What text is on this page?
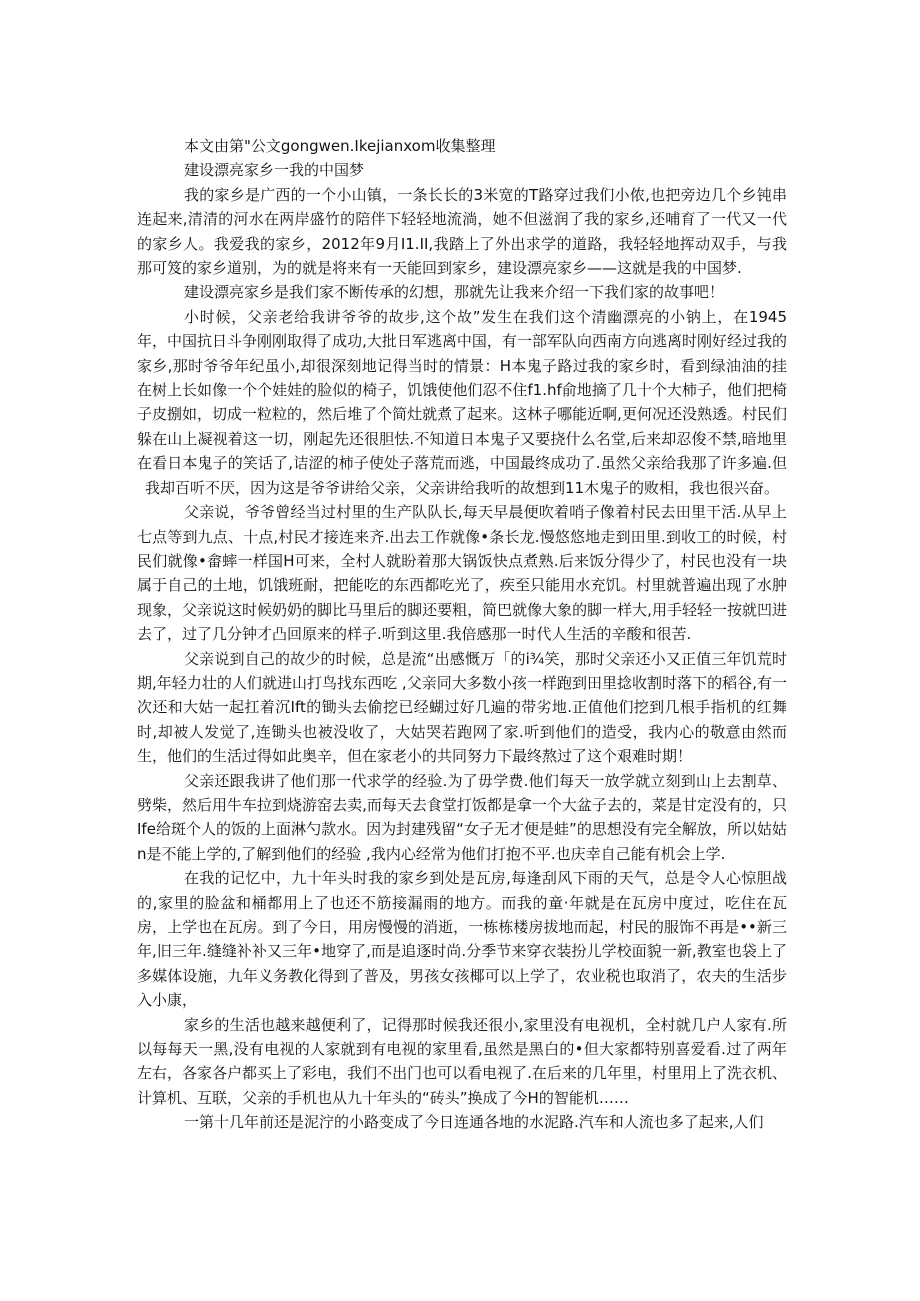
本文由第"公文gongwen.Ikejianxom收集整理

建设漂亮家乡一我的中国梦

我的家乡是广西的一个小山镇，一条长长的3米宽的T路穿过我们小侬,也把旁边几个乡钝串连起来,清清的河水在两岸盛竹的陪伴下轻轻地流淌，她不但滋润了我的家乡,还哺育了一代又一代的家乡人。我爱我的家乡，2012年9月I1.II,我踏上了外出求学的道路，我轻轻地挥动双手，与我那可笈的家乡道别，为的就是将来有一天能回到家乡，建设漂亮家乡——这就是我的中国梦.

建设漂亮家乡是我们家不断传承的幻想，那就先让我来介绍一下我们家的故事吧！

小时候，父亲老给我讲爷爷的故步,这个故”发生在我们这个清幽漂亮的小钠上，在1945年，中国抗日斗争刚刚取得了成功,大批日军逃离中国，有一部军队向西南方向逃离时刚好经过我的家乡,那时爷爷年纪虽小,却很深刻地记得当时的情景：H本鬼子路过我的家乡时，看到绿油油的挂在树上长如像一个个娃娃的脸似的椅子，饥饿使他们忍不住f1.hf俞地摘了几十个大柿子，他们把椅子皮捌如，切成一粒粒的，然后堆了个简灶就煮了起来。这林子哪能近啊,更何况还没熟透。村民们躲在山上凝视着这一切，刚起先还很胆怯.不知道日本鬼子又要挠什么名堂,后来却忍俊不禁,暗地里在看日本鬼子的笑话了,诘涩的柿子使处子落荒而逃，中国最终成功了.虽然父亲给我那了许多遍.但我却百听不厌，因为这是爷爷讲给父亲，父亲讲给我听的故想到11木鬼子的败相，我也很兴奋。

父亲说，爷爷曾经当过村里的生产队队长,每天早晨便吹着哨子像着村民去田里干活.从早上七点等到九点、十点,村民才接连来齐.出去工作就像•条长龙.慢悠悠地走到田里.到收工的时候，村民们就像•畲蟀一样国H可来，全村人就盼着那大锅饭快点煮熟.后来饭分得少了，村民也没有一块属于自己的土地，饥饿班耐，把能吃的东西都吃光了，疾至只能用水充饥。村里就普遍出现了水肿现象，父亲说这时候奶奶的脚比马里后的脚还要粗，简巴就像大象的脚一样大,用手轻轻一按就凹进去了，过了几分钟才凸回原来的样子.听到这里.我倍感那一时代人生活的辛酸和很苦.

父亲说到自己的故少的时候，总是流“出感慨万「的i¾笑，那时父亲还小又正值三年饥荒时期,年轻力壮的人们就进山打鸟找东西吃 ,父亲同大多数小孩一样跑到田里捻收割时落下的稻谷,有一次还和大姑一起扛着沉Ift的锄头去偷挖已经蝴过好几遍的带劣地.正值他们挖到几根手指机的红舞时,却被人发觉了,连锄头也被没收了，大姑哭若跑网了家.听到他们的造受，我内心的敬意由然而生，他们的生活过得如此奥辛，但在家老小的共同努力下最终熬过了这个艰难时期！

父亲还跟我讲了他们那一代求学的经验.为了毋学费.他们每天一放学就立刻到山上去割草、劈柴，然后用牛车拉到烧游窑去卖,而每天去食堂打饭都是拿一个大盆子去的，菜是甘定没有的，只Ife给斑个人的饭的上面淋勺款水。因为封建残留“女子无才便是蛙”的思想没有完全解放，所以姑姑n是不能上学的,了解到他们的经验 ,我内心经常为他们打抱不平.也庆幸自己能有机会上学.

在我的记忆中，九十年头时我的家乡到处是瓦房,每逢刮风下雨的天气，总是令人心惊胆战的,家里的脸盆和桶都用上了也还不筋接漏雨的地方。而我的童·年就是在瓦房中度过，吃住在瓦房，上学也在瓦房。到了今日，用房慢慢的消逝，一栋栋楼房拔地而起，村民的服饰不再是••新三年,旧三年.缝缝补补又三年•地穿了,而是追逐时尚.分季节来穿衣装扮儿学校面貌一新,教室也袋上了多媒体设施，九年义务教化得到了普及，男孩女孩椰可以上学了，农业税也取消了，农夫的生活步入小康，

家乡的生活也越来越便利了，记得那时候我还很小,家里没有电视机，全村就几户人家有.所以每每天一黑,没有电视的人家就到有电视的家里看,虽然是黑白的•但大家都特别喜爱看.过了两年左右，各家各户都买上了彩电，我们不出门也可以看电视了.在后来的几年里，村里用上了洗衣机、计算机、互联，父亲的手机也从九十年头的“砖头”换成了今H的智能机……

一第十几年前还是泥泞的小路变成了今日连通各地的水泥路.汽车和人流也多了起来,人们
